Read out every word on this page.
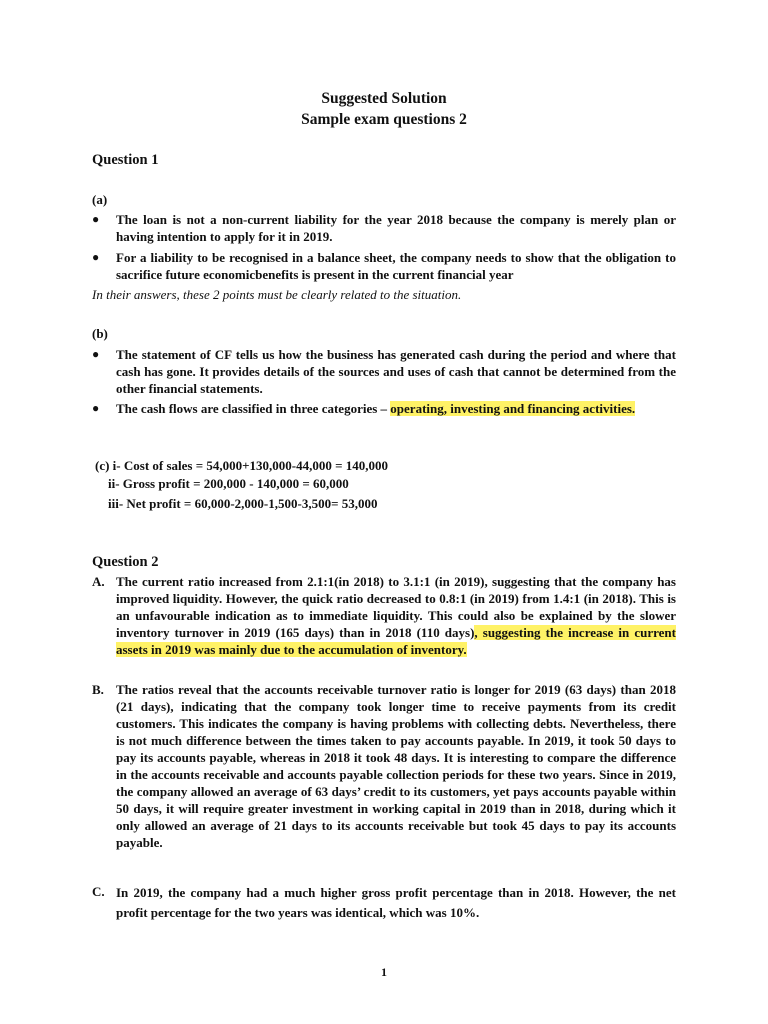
Suggested Solution
Sample exam questions 2
Question 1
(a)
● The loan is not a non-current liability for the year 2018 because the company is merely plan or having intention to apply for it in 2019.
● For a liability to be recognised in a balance sheet, the company needs to show that the obligation to sacrifice future economicbenefits is present in the current financial year
In their answers, these 2 points must be clearly related to the situation.
(b)
● The statement of CF tells us how the business has generated cash during the period and where that cash has gone. It provides details of the sources and uses of cash that cannot be determined from the other financial statements.
● The cash flows are classified in three categories – operating, investing and financing activities.
(c) i- Cost of sales = 54,000+130,000-44,000 = 140,000
ii- Gross profit = 200,000 - 140,000 = 60,000
iii- Net profit = 60,000-2,000-1,500-3,500= 53,000
Question 2
A. The current ratio increased from 2.1:1(in 2018) to 3.1:1 (in 2019), suggesting that the company has improved liquidity. However, the quick ratio decreased to 0.8:1 (in 2019) from 1.4:1 (in 2018). This is an unfavourable indication as to immediate liquidity. This could also be explained by the slower inventory turnover in 2019 (165 days) than in 2018 (110 days), suggesting the increase in current assets in 2019 was mainly due to the accumulation of inventory.
B. The ratios reveal that the accounts receivable turnover ratio is longer for 2019 (63 days) than 2018 (21 days), indicating that the company took longer time to receive payments from its credit customers. This indicates the company is having problems with collecting debts. Nevertheless, there is not much difference between the times taken to pay accounts payable. In 2019, it took 50 days to pay its accounts payable, whereas in 2018 it took 48 days. It is interesting to compare the difference in the accounts receivable and accounts payable collection periods for these two years. Since in 2019, the company allowed an average of 63 days’ credit to its customers, yet pays accounts payable within 50 days, it will require greater investment in working capital in 2019 than in 2018, during which it only allowed an average of 21 days to its accounts receivable but took 45 days to pay its accounts payable.
C. In 2019, the company had a much higher gross profit percentage than in 2018. However, the net profit percentage for the two years was identical, which was 10%.
1
